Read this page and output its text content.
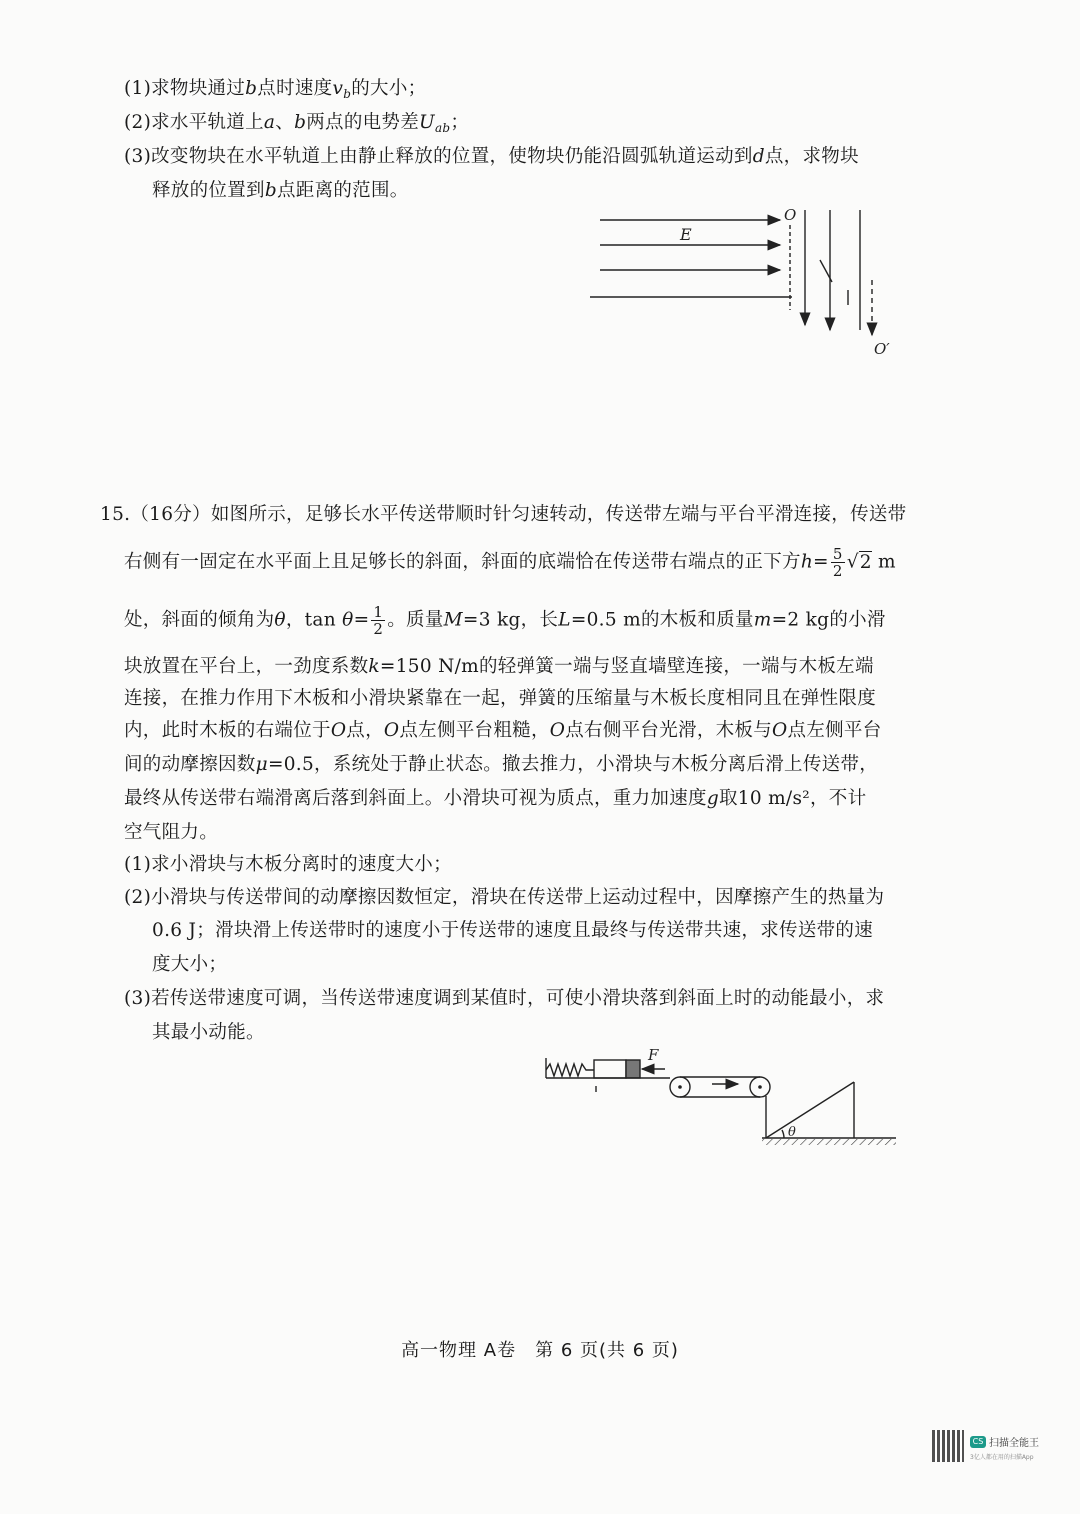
(1)求物块通过b点时速度$v_b$的大小；
(2)求水平轨道上a、b两点的电势差$U_{ab}$；
(3)改变物块在水平轨道上由静止释放的位置，使物块仍能沿圆弧轨道运动到d点，求物块
释放的位置到b点距离的范围。
E
O
O′
15.（16分）如图所示，足够长水平传送带顺时针匀速转动，传送带左端与平台平滑连接，传送带
右侧有一固定在水平面上且足够长的斜面，斜面的底端恰在传送带右端点的正下方$h= \frac{5}{2} √2$ m
处，斜面的倾角为θ，$\tan \theta= \frac{1}{2}$ 。质量M=3 kg，长L=0.5 m的木板和质量m=2 kg的小滑
块放置在平台上，一劲度系数k=150 N/m的轻弹簧一端与竖直墙壁连接，一端与木板左端
连接，在推力作用下木板和小滑块紧靠在一起，弹簧的压缩量与木板长度相同且在弹性限度
内，此时木板的右端位于O点，O点左侧平台粗糙，O点右侧平台光滑，木板与O点左侧平台
间的动摩擦因数μ=0.5，系统处于静止状态。撤去推力，小滑块与木板分离后滑上传送带，
最终从传送带右端滑离后落到斜面上。小滑块可视为质点，重力加速度g取10 m/s²，不计
空气阻力。
(1)求小滑块与木板分离时的速度大小；
(2)小滑块与传送带间的动摩擦因数恒定，滑块在传送带上运动过程中，因摩擦产生的热量为
0.6 J；滑块滑上传送带时的速度小于传送带的速度且最终与传送带共速，求传送带的速
度大小；
(3)若传送带速度可调，当传送带速度调到某值时，可使小滑块落到斜面上时的动能最小，求
其最小动能。
F
θ
高一物理 A卷　第 6 页(共 6 页)
CS 扫描全能王
3亿人都在用的扫描App
